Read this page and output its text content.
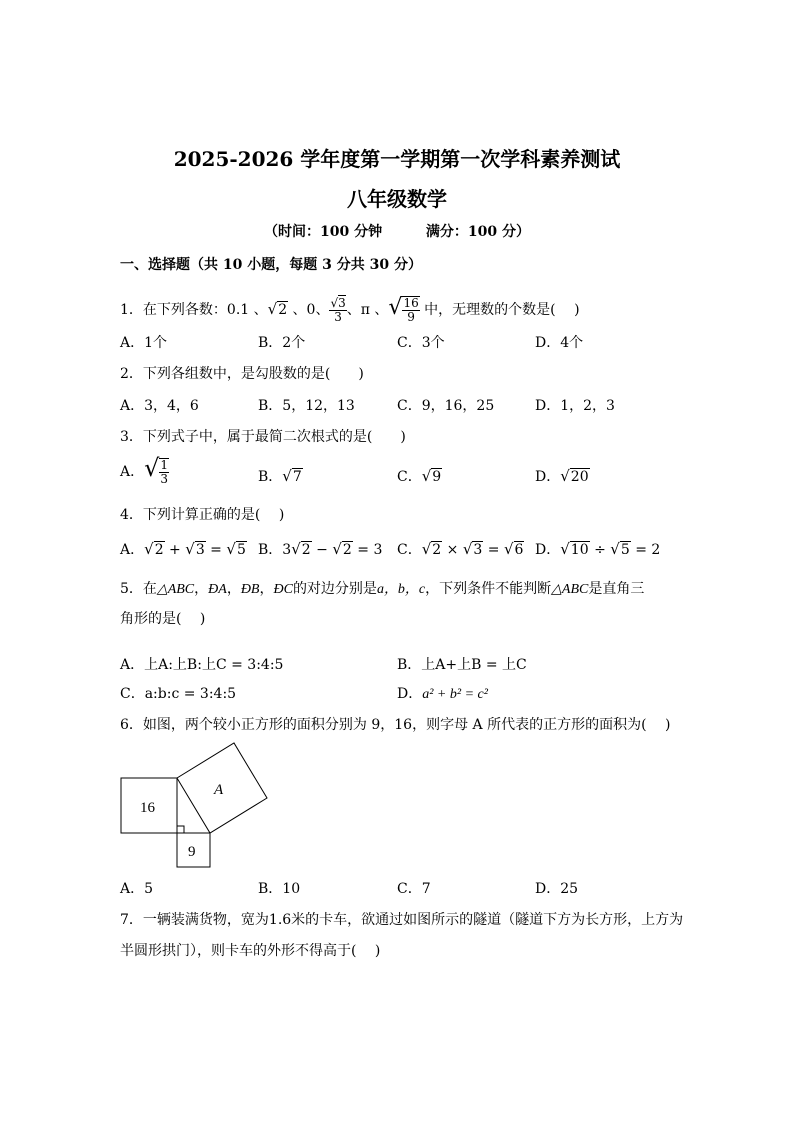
2025-2026 学年度第一学期第一次学科素养测试
八年级数学
（时间：100 分钟	满分：100 分）
一、选择题（共 10 小题，每题 3 分共 30 分）
1．在下列各数：0.1 、√2 、0、 $\frac{√3}{3}$ 、π 、√ $\frac{16}{9}$ 中，无理数的个数是(　 )
A．1个	B．2个	C．3个	D．4个
2．下列各组数中，是勾股数的是(　　)
A．3，4，6	B．5，12，13	C．9，16，25	D．1，2，3
3．下列式子中，属于最简二次根式的是(　　)
A．√ $\frac{1}{3}$	B．√7	C．√9	D．√20
4．下列计算正确的是(　 )
A．√2 + √3 = √5 B．3√2 − √2 = 3 C．√2 × √3 = √6 D．√10 ÷ √5 = 2
5．在△ABC，ÐA，ÐB，ÐC的对边分别是a，b，c，下列条件不能判断△ABC是直角三
角形的是(　 )
A．上A:上B:上C = 3:4:5	B．上A+上B = 上C
C．a:b:c = 3:4:5	D．a² + b² = c²
6．如图，两个较小正方形的面积分别为 9，16，则字母 A 所代表的正方形的面积为(　 )
16
9
A
A．5	B．10	C．7	D．25
7．一辆装满货物，宽为1.6米的卡车，欲通过如图所示的隧道（隧道下方为长方形，上方为
半圆形拱门），则卡车的外形不得高于(　 )
